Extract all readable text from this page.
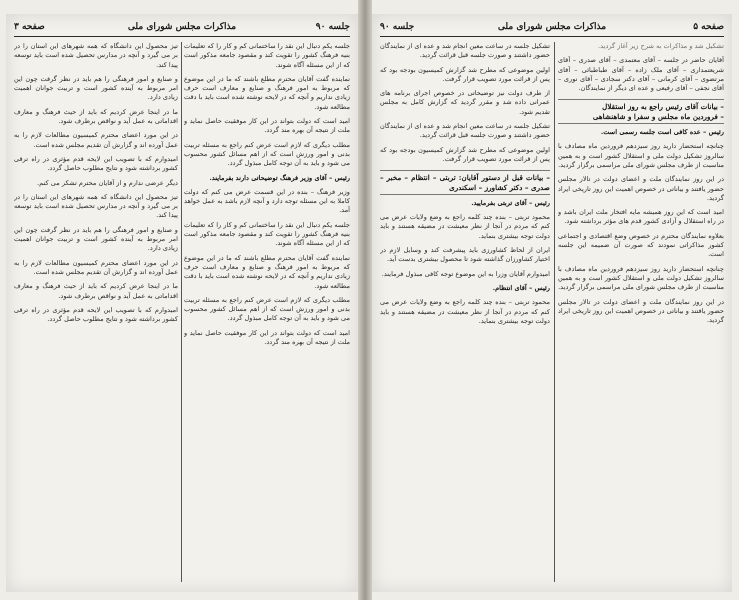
صفحه ۳	مذاکرات مجلس شورای ملی	جلسه ۹۰

جلسه یکم دنبال این نقد را ساختمانی کم و کار را که تعلیمات بنیه فرهنگ کشور را تقویت کند و مقصود جامعه مذکور است که از این مسئله آگاه شوند.

نماینده گفت آقایان محترم مطلع باشند که ما در این موضوع که مربوط به امور فرهنگ و صنایع و معارف است حرف زیادی نداریم و آنچه که در لایحه نوشته شده است باید با دقت مطالعه شود.

امید است که دولت بتواند در این کار موفقیت حاصل نماید و ملت از نتیجه آن بهره مند گردد.

مطلب دیگری که لازم است عرض کنم راجع به مسئله تربیت بدنی و امور ورزش است که از اهم مسائل کشور محسوب می شود و باید به آن توجه کامل مبذول گردد.

رئیس – آقای وزیر فرهنگ توضیحاتی دارند بفرمایند.

وزیر فرهنگ – بنده در این قسمت عرض می کنم که دولت کاملا به این مسئله توجه دارد و آنچه لازم باشد به عمل خواهد آمد.

جلسه یکم دنبال این نقد را ساختمانی کم و کار را که تعلیمات بنیه فرهنگ کشور را تقویت کند و مقصود جامعه مذکور است که از این مسئله آگاه شوند.

نماینده گفت آقایان محترم مطلع باشند که ما در این موضوع که مربوط به امور فرهنگ و صنایع و معارف است حرف زیادی نداریم و آنچه که در لایحه نوشته شده است باید با دقت مطالعه شود.

مطلب دیگری که لازم است عرض کنم راجع به مسئله تربیت بدنی و امور ورزش است که از اهم مسائل کشور محسوب می شود و باید به آن توجه کامل مبذول گردد.

امید است که دولت بتواند در این کار موفقیت حاصل نماید و ملت از نتیجه آن بهره مند گردد.

تیز محصول این دانشگاه که همه شهرهای این استان را در بر می گیرد و آنچه در مدارس تحصیل شده است باید توسعه پیدا کند.

و صنایع و امور فرهنگی را هم باید در نظر گرفت چون این امر مربوط به آینده کشور است و تربیت جوانان اهمیت زیادی دارد.

ما در اینجا عرض کردیم که باید از حیث فرهنگ و معارف اقداماتی به عمل آید و نواقص برطرف شود.

در این مورد اعضای محترم کمیسیون مطالعات لازم را به عمل آورده اند و گزارش آن تقدیم مجلس شده است.

امیدوارم که با تصویب این لایحه قدم مؤثری در راه ترقی کشور برداشته شود و نتایج مطلوب حاصل گردد.

دیگر عرضی ندارم و از آقایان محترم تشکر می کنم.

تیز محصول این دانشگاه که همه شهرهای این استان را در بر می گیرد و آنچه در مدارس تحصیل شده است باید توسعه پیدا کند.

و صنایع و امور فرهنگی را هم باید در نظر گرفت چون این امر مربوط به آینده کشور است و تربیت جوانان اهمیت زیادی دارد.

در این مورد اعضای محترم کمیسیون مطالعات لازم را به عمل آورده اند و گزارش آن تقدیم مجلس شده است.

ما در اینجا عرض کردیم که باید از حیث فرهنگ و معارف اقداماتی به عمل آید و نواقص برطرف شود.

امیدوارم که با تصویب این لایحه قدم مؤثری در راه ترقی کشور برداشته شود و نتایج مطلوب حاصل گردد.

جلسه ۹۰	مذاکرات مجلس شورای ملی	صفحه ۵

تشکیل شد و مذاکرات به شرح زیر آغاز گردید.

آقایان حاضر در جلسه – آقای معتمدی – آقای صدری – آقای شریعتمداری – آقای ملک زاده – آقای طباطبائی – آقای مرتضوی – آقای کرمانی – آقای دکتر سجادی – آقای نوری – آقای نجفی – آقای رفیعی و عده ای دیگر از نمایندگان.

– بیانات آقای رئیس راجع به روز استقلال
– فروردین ماه مجلس و سفرا و شاهنشاهی

رئیس – عده کافی است جلسه رسمی است.

چنانچه استحضار دارید روز سیزدهم فروردین ماه مصادف با سالروز تشکیل دولت ملی و استقلال کشور است و به همین مناسبت از طرف مجلس شورای ملی مراسمی برگزار گردید.

در این روز نمایندگان ملت و اعضای دولت در تالار مجلس حضور یافتند و بیاناتی در خصوص اهمیت این روز تاریخی ایراد گردید.

امید است که این روز همیشه مایه افتخار ملت ایران باشد و در راه استقلال و آزادی کشور قدم های مؤثر برداشته شود.

بعلاوه نمایندگان محترم در خصوص وضع اقتصادی و اجتماعی کشور مذاکراتی نمودند که صورت آن ضمیمه این جلسه است.

چنانچه استحضار دارید روز سیزدهم فروردین ماه مصادف با سالروز تشکیل دولت ملی و استقلال کشور است و به همین مناسبت از طرف مجلس شورای ملی مراسمی برگزار گردید.

در این روز نمایندگان ملت و اعضای دولت در تالار مجلس حضور یافتند و بیاناتی در خصوص اهمیت این روز تاریخی ایراد گردید.

تشکیل جلسه در ساعت معین انجام شد و عده ای از نمایندگان حضور داشتند و صورت جلسه قبل قرائت گردید.

اولین موضوعی که مطرح شد گزارش کمیسیون بودجه بود که پس از قرائت مورد تصویب قرار گرفت.

از طرف دولت نیز توضیحاتی در خصوص اجرای برنامه های عمرانی داده شد و مقرر گردید که گزارش کامل به مجلس تقدیم شود.

تشکیل جلسه در ساعت معین انجام شد و عده ای از نمایندگان حضور داشتند و صورت جلسه قبل قرائت گردید.

اولین موضوعی که مطرح شد گزارش کمیسیون بودجه بود که پس از قرائت مورد تصویب قرار گرفت.

– بیانات قبل از دستور آقایان: تربتی – انتظام – مخبر – صدری – دکتر کشاورز – اسکندری

رئیس – آقای تربتی بفرمایید.

محمود تربتی – بنده چند کلمه راجع به وضع ولایات عرض می کنم که مردم در آنجا از نظر معیشت در مضیقه هستند و باید دولت توجه بیشتری بنماید.

ایران از لحاظ کشاورزی باید پیشرفت کند و وسایل لازم در اختیار کشاورزان گذاشته شود تا محصول بیشتری بدست آید.

امیدوارم آقایان وزرا به این موضوع توجه کافی مبذول فرمایند.

رئیس – آقای انتظام.

محمود تربتی – بنده چند کلمه راجع به وضع ولایات عرض می کنم که مردم در آنجا از نظر معیشت در مضیقه هستند و باید دولت توجه بیشتری بنماید.
